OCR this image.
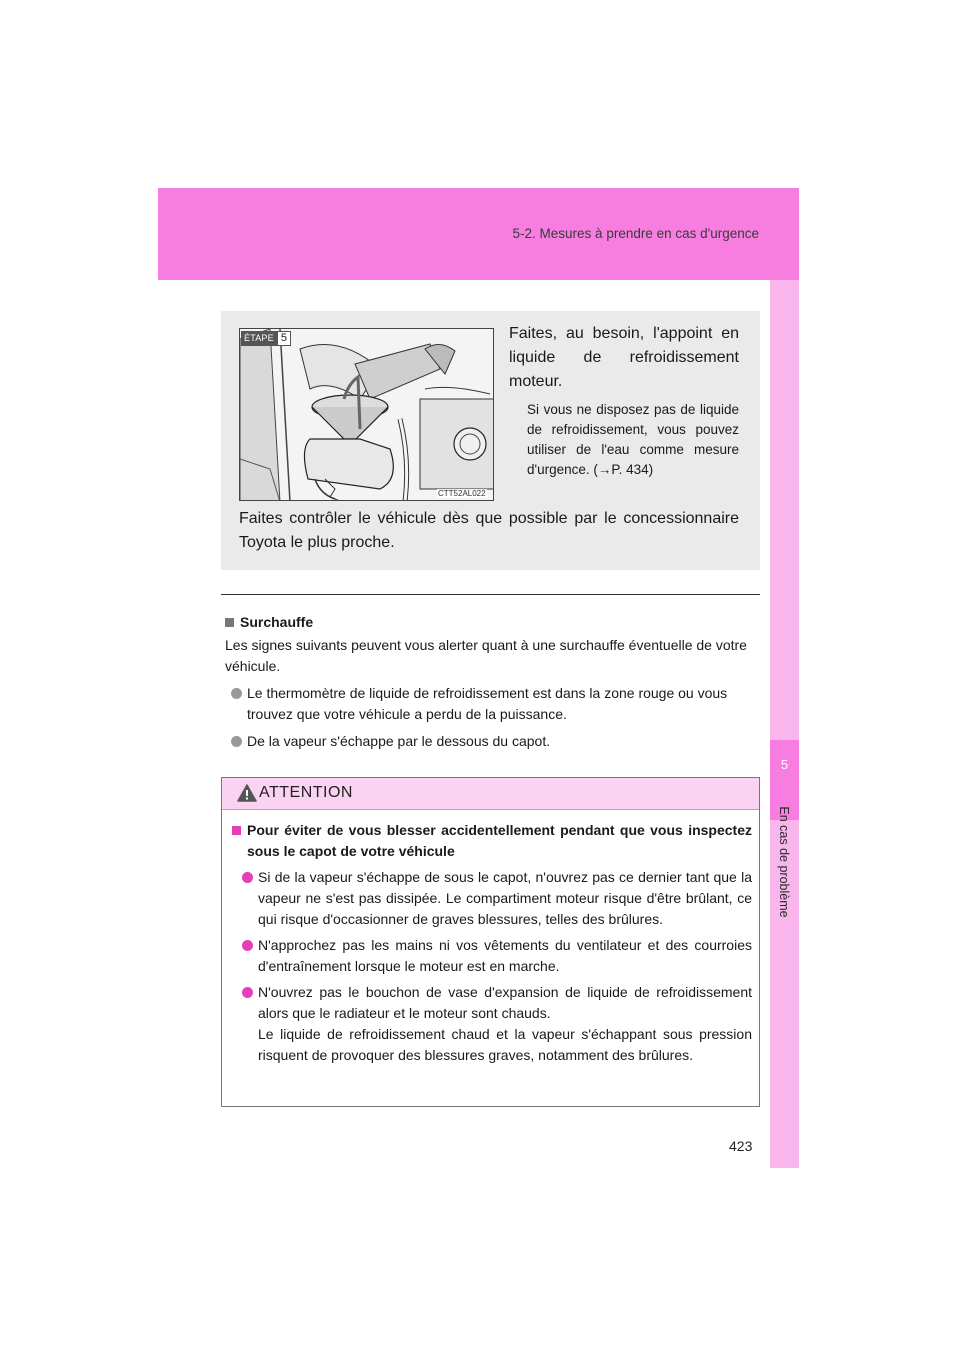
5-2. Mesures à prendre en cas d'urgence
5
En cas de problème
ÉTAPE 5
CTT52AL022
Faites, au besoin, l'appoint en liquide de refroidissement moteur.
Si vous ne disposez pas de liquide de refroidissement, vous pouvez utiliser de l'eau comme mesure d'urgence. (→P. 434)
Faites contrôler le véhicule dès que possible par le concessionnaire Toyota le plus proche.
Surchauffe
Les signes suivants peuvent vous alerter quant à une surchauffe éventuelle de votre véhicule.
Le thermomètre de liquide de refroidissement est dans la zone rouge ou vous trouvez que votre véhicule a perdu de la puissance.
De la vapeur s'échappe par le dessous du capot.
ATTENTION
Pour éviter de vous blesser accidentellement pendant que vous inspectez sous le capot de votre véhicule
Si de la vapeur s'échappe de sous le capot, n'ouvrez pas ce dernier tant que la vapeur ne s'est pas dissipée. Le compartiment moteur risque d'être brûlant, ce qui risque d'occasionner de graves blessures, telles des brûlures.
N'approchez pas les mains ni vos vêtements du ventilateur et des courroies d'entraînement lorsque le moteur est en marche.
N'ouvrez pas le bouchon de vase d'expansion de liquide de refroidissement alors que le radiateur et le moteur sont chauds.
Le liquide de refroidissement chaud et la vapeur s'échappant sous pression risquent de provoquer des blessures graves, notamment des brûlures.
423
